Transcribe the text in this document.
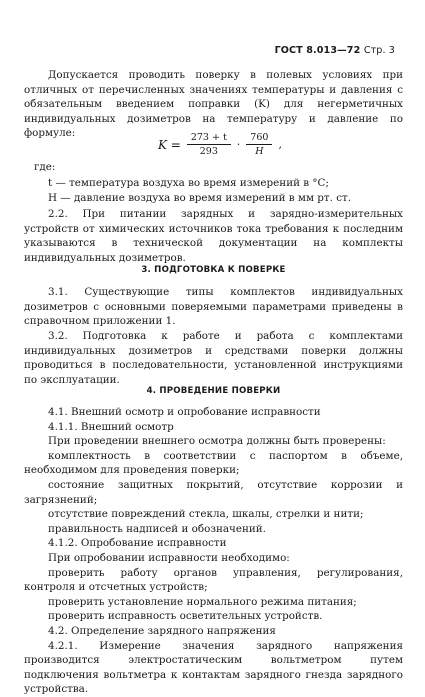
ГОСТ 8.013—72 Стр. 3

Допускается проводить поверку в полевых условиях при отличных от перечисленных значениях температуры и давления с обязательным введением поправки (K) для негерметичных индивидуальных дозиметров на температуру и давление по формуле:

$K = \frac{273 + t}{293} \cdot \frac{760}{H}$ ,

где:

t — температура воздуха во время измерений в °С;

H — давление воздуха во время измерений в мм рт. ст.

2.2. При питании зарядных и зарядно-измерительных устройств от химических источников тока требования к последним указываются в технической документации на комплекты индивидуальных дозиметров.

3. ПОДГОТОВКА К ПОВЕРКЕ

3.1. Существующие типы комплектов индивидуальных дозиметров с основными поверяемыми параметрами приведены в справочном приложении 1.

3.2. Подготовка к работе и работа с комплектами индивидуальных дозиметров и средствами поверки должны проводиться в последовательности, установленной инструкциями по эксплуатации.

4. ПРОВЕДЕНИЕ ПОВЕРКИ

4.1. Внешний осмотр и опробование исправности

4.1.1. Внешний осмотр

При проведении внешнего осмотра должны быть проверены:

комплектность в соответствии с паспортом в объеме, необходимом для проведения поверки;

состояние защитных покрытий, отсутствие коррозии и загрязнений;

отсутствие повреждений стекла, шкалы, стрелки и нити;

правильность надписей и обозначений.

4.1.2. Опробование исправности

При опробовании исправности необходимо:

проверить работу органов управления, регулирования, контроля и отсчетных устройств;

проверить установление нормального режима питания;

проверить исправность осветительных устройств.

4.2. Определение зарядного напряжения

4.2.1. Измерение значения зарядного напряжения производится электростатическим вольтметром путем подключения вольтметра к контактам зарядного гнезда зарядного устройства.
